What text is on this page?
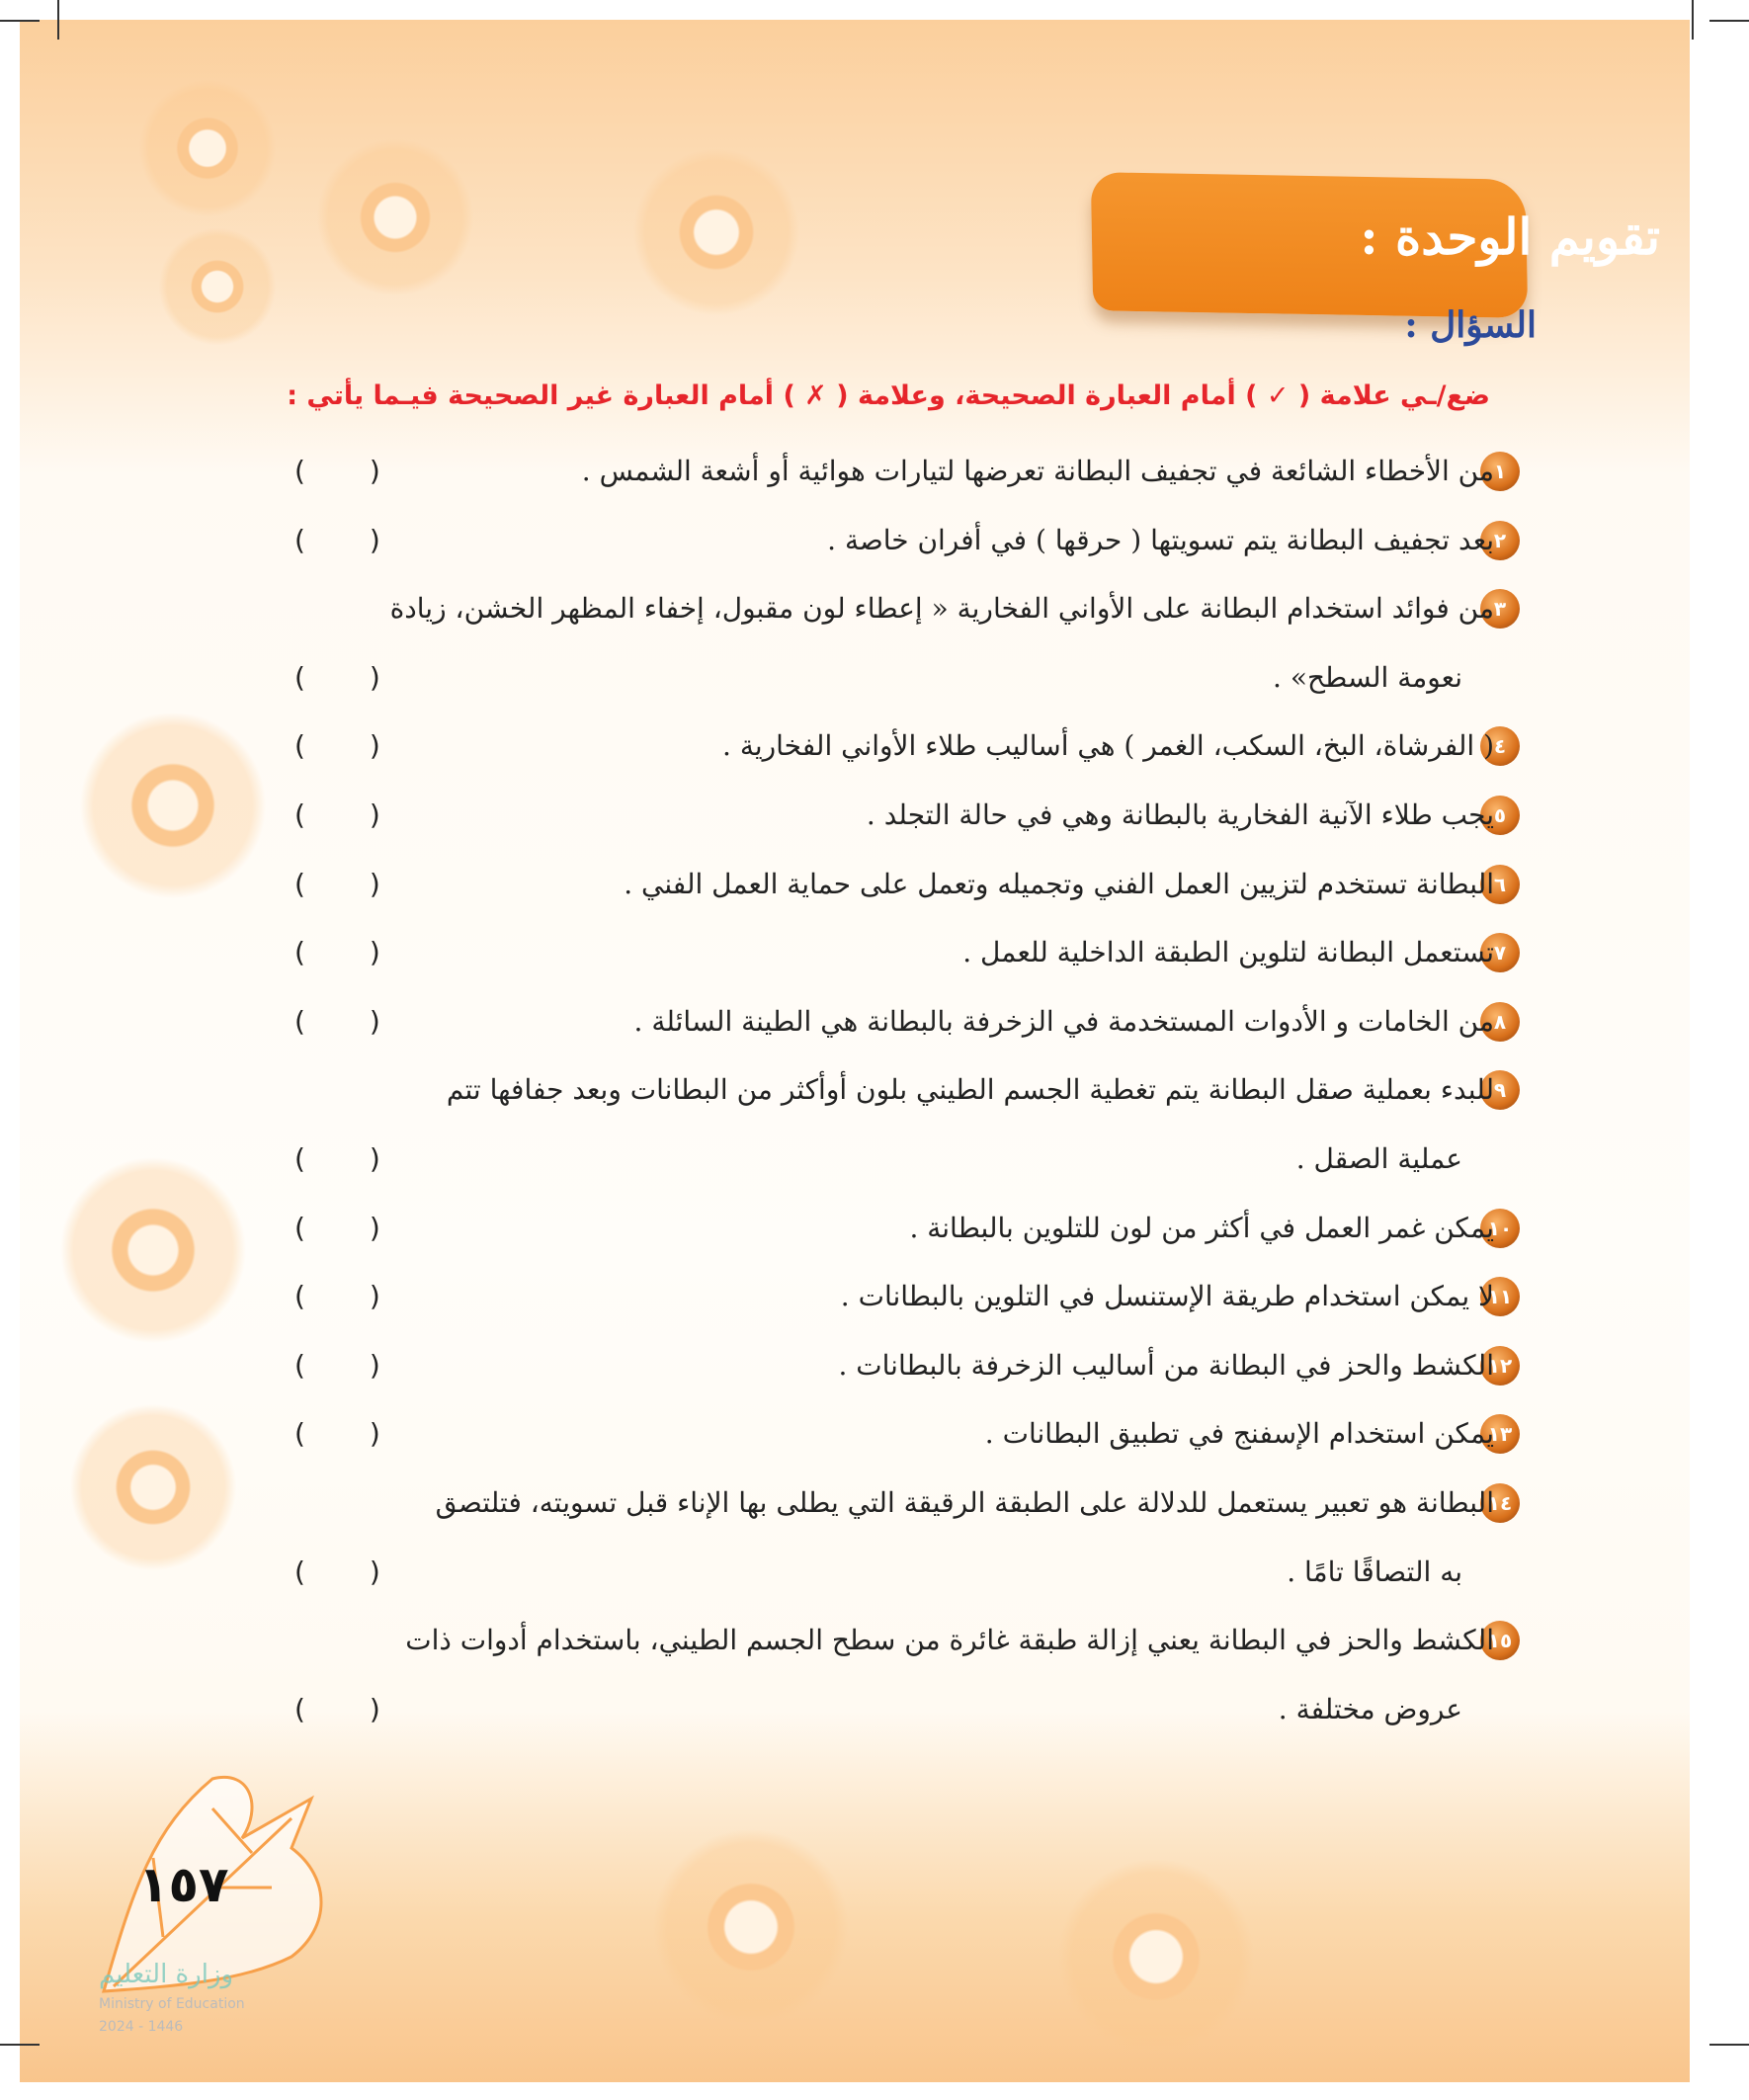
تقويم الوحدة :
السؤال :
ضع/ـي علامة ( ✓ ) أمام العبارة الصحيحة، وعلامة ( ✗ ) أمام العبارة غير الصحيحة فيـما يأتي :
١
من الأخطاء الشائعة في تجفيف البطانة تعرضها لتيارات هوائية أو أشعة الشمس .
( )
٢
بعد تجفيف البطانة يتم تسويتها ( حرقها ) في أفران خاصة .
( )
٣
من فوائد استخدام البطانة على الأواني الفخارية « إعطاء لون مقبول، إخفاء المظهر الخشن، زيادة
نعومة السطح» .
( )
٤
( الفرشاة، البخ، السكب، الغمر ) هي أساليب طلاء الأواني الفخارية .
( )
٥
يجب طلاء الآنية الفخارية بالبطانة وهي في حالة التجلد .
( )
٦
البطانة تستخدم لتزيين العمل الفني وتجميله وتعمل على حماية العمل الفني .
( )
٧
تستعمل البطانة لتلوين الطبقة الداخلية للعمل .
( )
٨
من الخامات و الأدوات المستخدمة في الزخرفة بالبطانة هي الطينة السائلة .
( )
٩
للبدء بعملية صقل البطانة يتم تغطية الجسم الطيني بلون أوأكثر من البطانات وبعد جفافها تتم
عملية الصقل .
( )
١٠
يمكن غمر العمل في أكثر من لون للتلوين بالبطانة .
( )
١١
لا يمكن استخدام طريقة الإستنسل في التلوين بالبطانات .
( )
١٢
الكشط والحز في البطانة من أساليب الزخرفة بالبطانات .
( )
١٣
يمكن استخدام الإسفنج في تطبيق البطانات .
( )
١٤
البطانة هو تعبير يستعمل للدلالة على الطبقة الرقيقة التي يطلى بها الإناء قبل تسويته، فتلتصق
به التصاقًا تامًا .
( )
١٥
الكشط والحز في البطانة يعني إزالة طبقة غائرة من سطح الجسم الطيني، باستخدام أدوات ذات
عروض مختلفة .
( )
١٥٧
وزارة التعليم
Ministry of Education
2024 - 1446
